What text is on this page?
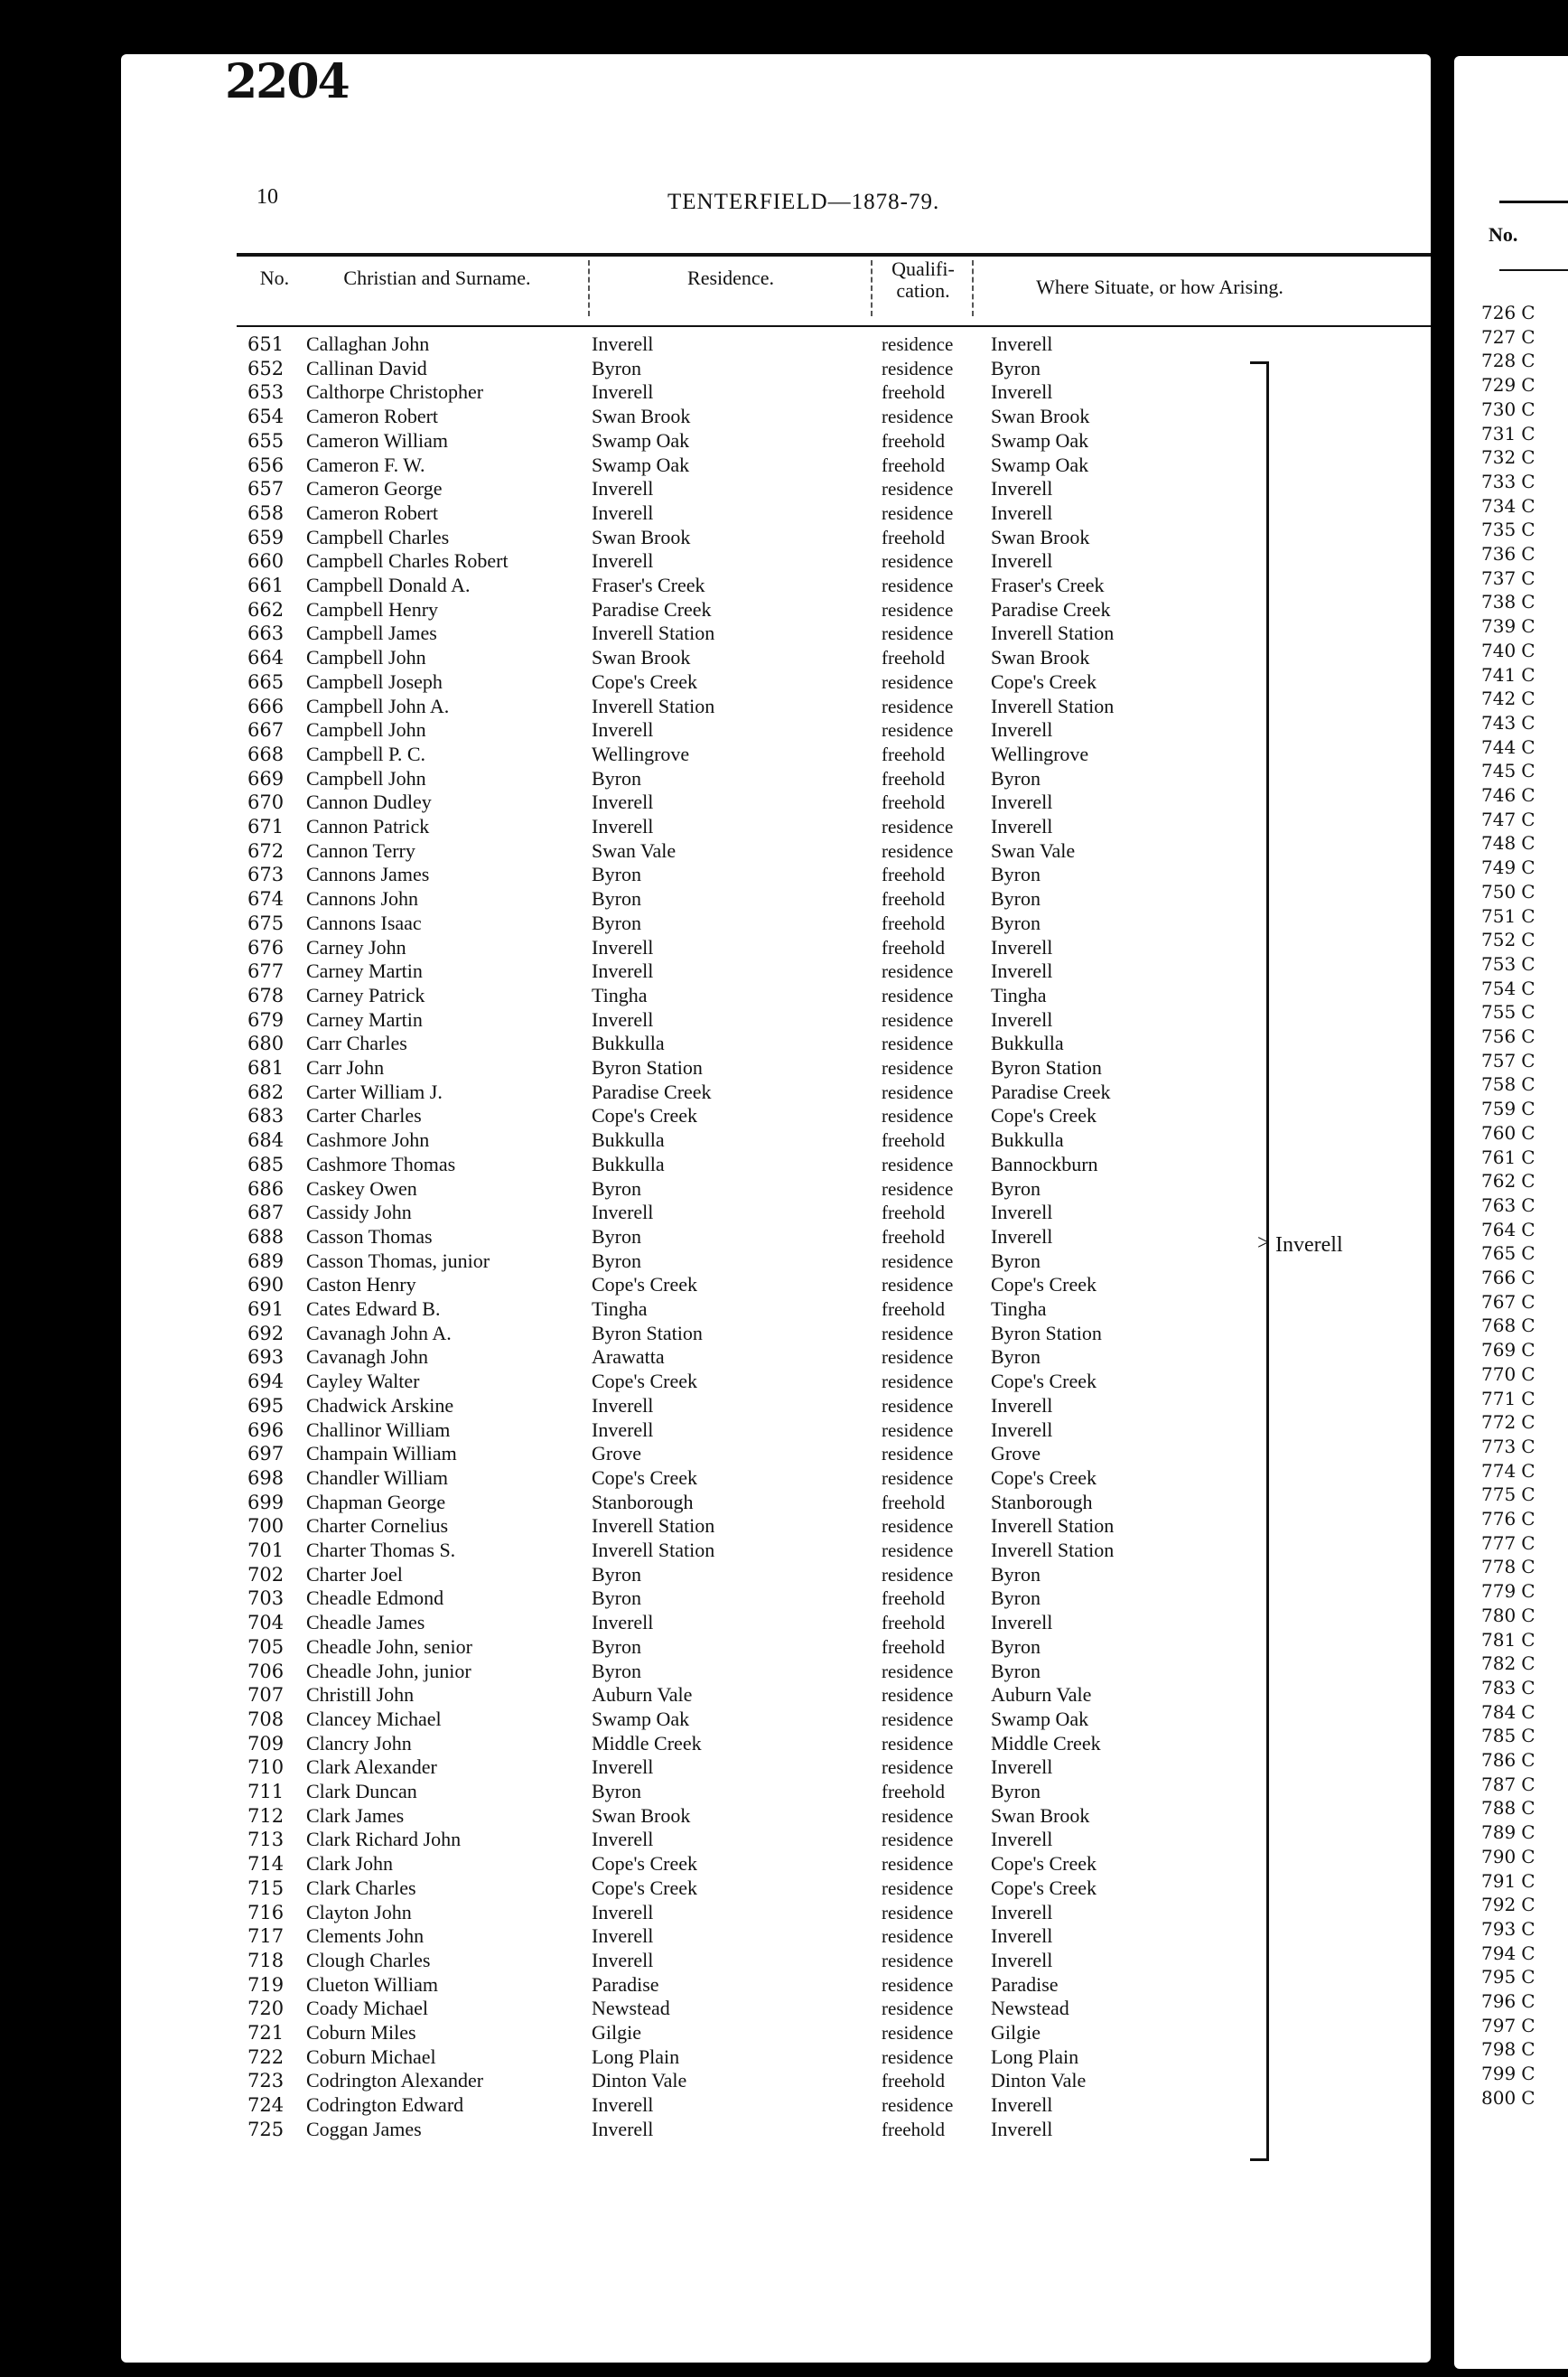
2204
10	TENTERFIELD—1878-79.
No.	Christian and Surname.	Residence.	Qualifi-
cation.	Where Situate, or how Arising.
651 Callaghan John	Inverell	residence Inverell
652 Callinan David	Byron	residence Byron
653 Calthorpe Christopher	Inverell	freehold Inverell
654 Cameron Robert	Swan Brook	residence Swan Brook
655 Cameron William	Swamp Oak	freehold Swamp Oak
656 Cameron F. W.	Swamp Oak	freehold Swamp Oak
657 Cameron George	Inverell	residence Inverell
658 Cameron Robert	Inverell	residence Inverell
659 Campbell Charles	Swan Brook	freehold Swan Brook
660 Campbell Charles Robert	Inverell	residence Inverell
661 Campbell Donald A.	Fraser's Creek	residence Fraser's Creek
662 Campbell Henry	Paradise Creek	residence Paradise Creek
663 Campbell James	Inverell Station	residence Inverell Station
664 Campbell John	Swan Brook	freehold Swan Brook
665 Campbell Joseph	Cope's Creek	residence Cope's Creek
666 Campbell John A.	Inverell Station	residence Inverell Station
667 Campbell John	Inverell	residence Inverell
668 Campbell P. C.	Wellingrove	freehold Wellingrove
669 Campbell John	Byron	freehold Byron
670 Cannon Dudley	Inverell	freehold Inverell
671 Cannon Patrick	Inverell	residence Inverell
672 Cannon Terry	Swan Vale	residence Swan Vale
673 Cannons James	Byron	freehold Byron
674 Cannons John	Byron	freehold Byron
675 Cannons Isaac	Byron	freehold Byron
676 Carney John	Inverell	freehold Inverell
677 Carney Martin	Inverell	residence Inverell
678 Carney Patrick	Tingha	residence Tingha
679 Carney Martin	Inverell	residence Inverell
680 Carr Charles	Bukkulla	residence Bukkulla
681 Carr John	Byron Station	residence Byron Station
682 Carter William J.	Paradise Creek	residence Paradise Creek
683 Carter Charles	Cope's Creek	residence Cope's Creek
684 Cashmore John	Bukkulla	freehold Bukkulla
685 Cashmore Thomas	Bukkulla	residence Bannockburn
686 Caskey Owen	Byron	residence Byron
687 Cassidy John	Inverell	freehold Inverell
688 Casson Thomas	Byron	freehold Inverell
689 Casson Thomas, junior	Byron	residence Byron
690 Caston Henry	Cope's Creek	residence Cope's Creek
691 Cates Edward B.	Tingha	freehold Tingha
692 Cavanagh John A.	Byron Station	residence Byron Station
693 Cavanagh John	Arawatta	residence Byron
694 Cayley Walter	Cope's Creek	residence Cope's Creek
695 Chadwick Arskine	Inverell	residence Inverell
696 Challinor William	Inverell	residence Inverell
697 Champain William	Grove	residence Grove
698 Chandler William	Cope's Creek	residence Cope's Creek
699 Chapman George	Stanborough	freehold Stanborough
700 Charter Cornelius	Inverell Station	residence Inverell Station
701 Charter Thomas S.	Inverell Station	residence Inverell Station
702 Charter Joel	Byron	residence Byron
703 Cheadle Edmond	Byron	freehold Byron
704 Cheadle James	Inverell	freehold Inverell
705 Cheadle John, senior	Byron	freehold Byron
706 Cheadle John, junior	Byron	residence Byron
707 Christill John	Auburn Vale	residence Auburn Vale
708 Clancey Michael	Swamp Oak	residence Swamp Oak
709 Clancry John	Middle Creek	residence Middle Creek
710 Clark Alexander	Inverell	residence Inverell
711 Clark Duncan	Byron	freehold Byron
712 Clark James	Swan Brook	residence Swan Brook
713 Clark Richard John	Inverell	residence Inverell
714 Clark John	Cope's Creek	residence Cope's Creek
715 Clark Charles	Cope's Creek	residence Cope's Creek
716 Clayton John	Inverell	residence Inverell
717 Clements John	Inverell	residence Inverell
718 Clough Charles	Inverell	residence Inverell
719 Clueton William	Paradise	residence Paradise
720 Coady Michael	Newstead	residence Newstead
721 Coburn Miles	Gilgie	residence Gilgie
722 Coburn Michael	Long Plain	residence Long Plain
723 Codrington Alexander	Dinton Vale	freehold Dinton Vale
724 Codrington Edward	Inverell	residence Inverell
725 Coggan James	Inverell	freehold Inverell
> Inverell
No.
726 C
727 C
728 C
729 C
730 C
731 C
732 C
733 C
734 C
735 C
736 C
737 C
738 C
739 C
740 C
741 C
742 C
743 C
744 C
745 C
746 C
747 C
748 C
749 C
750 C
751 C
752 C
753 C
754 C
755 C
756 C
757 C
758 C
759 C
760 C
761 C
762 C
763 C
764 C
765 C
766 C
767 C
768 C
769 C
770 C
771 C
772 C
773 C
774 C
775 C
776 C
777 C
778 C
779 C
780 C
781 C
782 C
783 C
784 C
785 C
786 C
787 C
788 C
789 C
790 C
791 C
792 C
793 C
794 C
795 C
796 C
797 C
798 C
799 C
800 C
